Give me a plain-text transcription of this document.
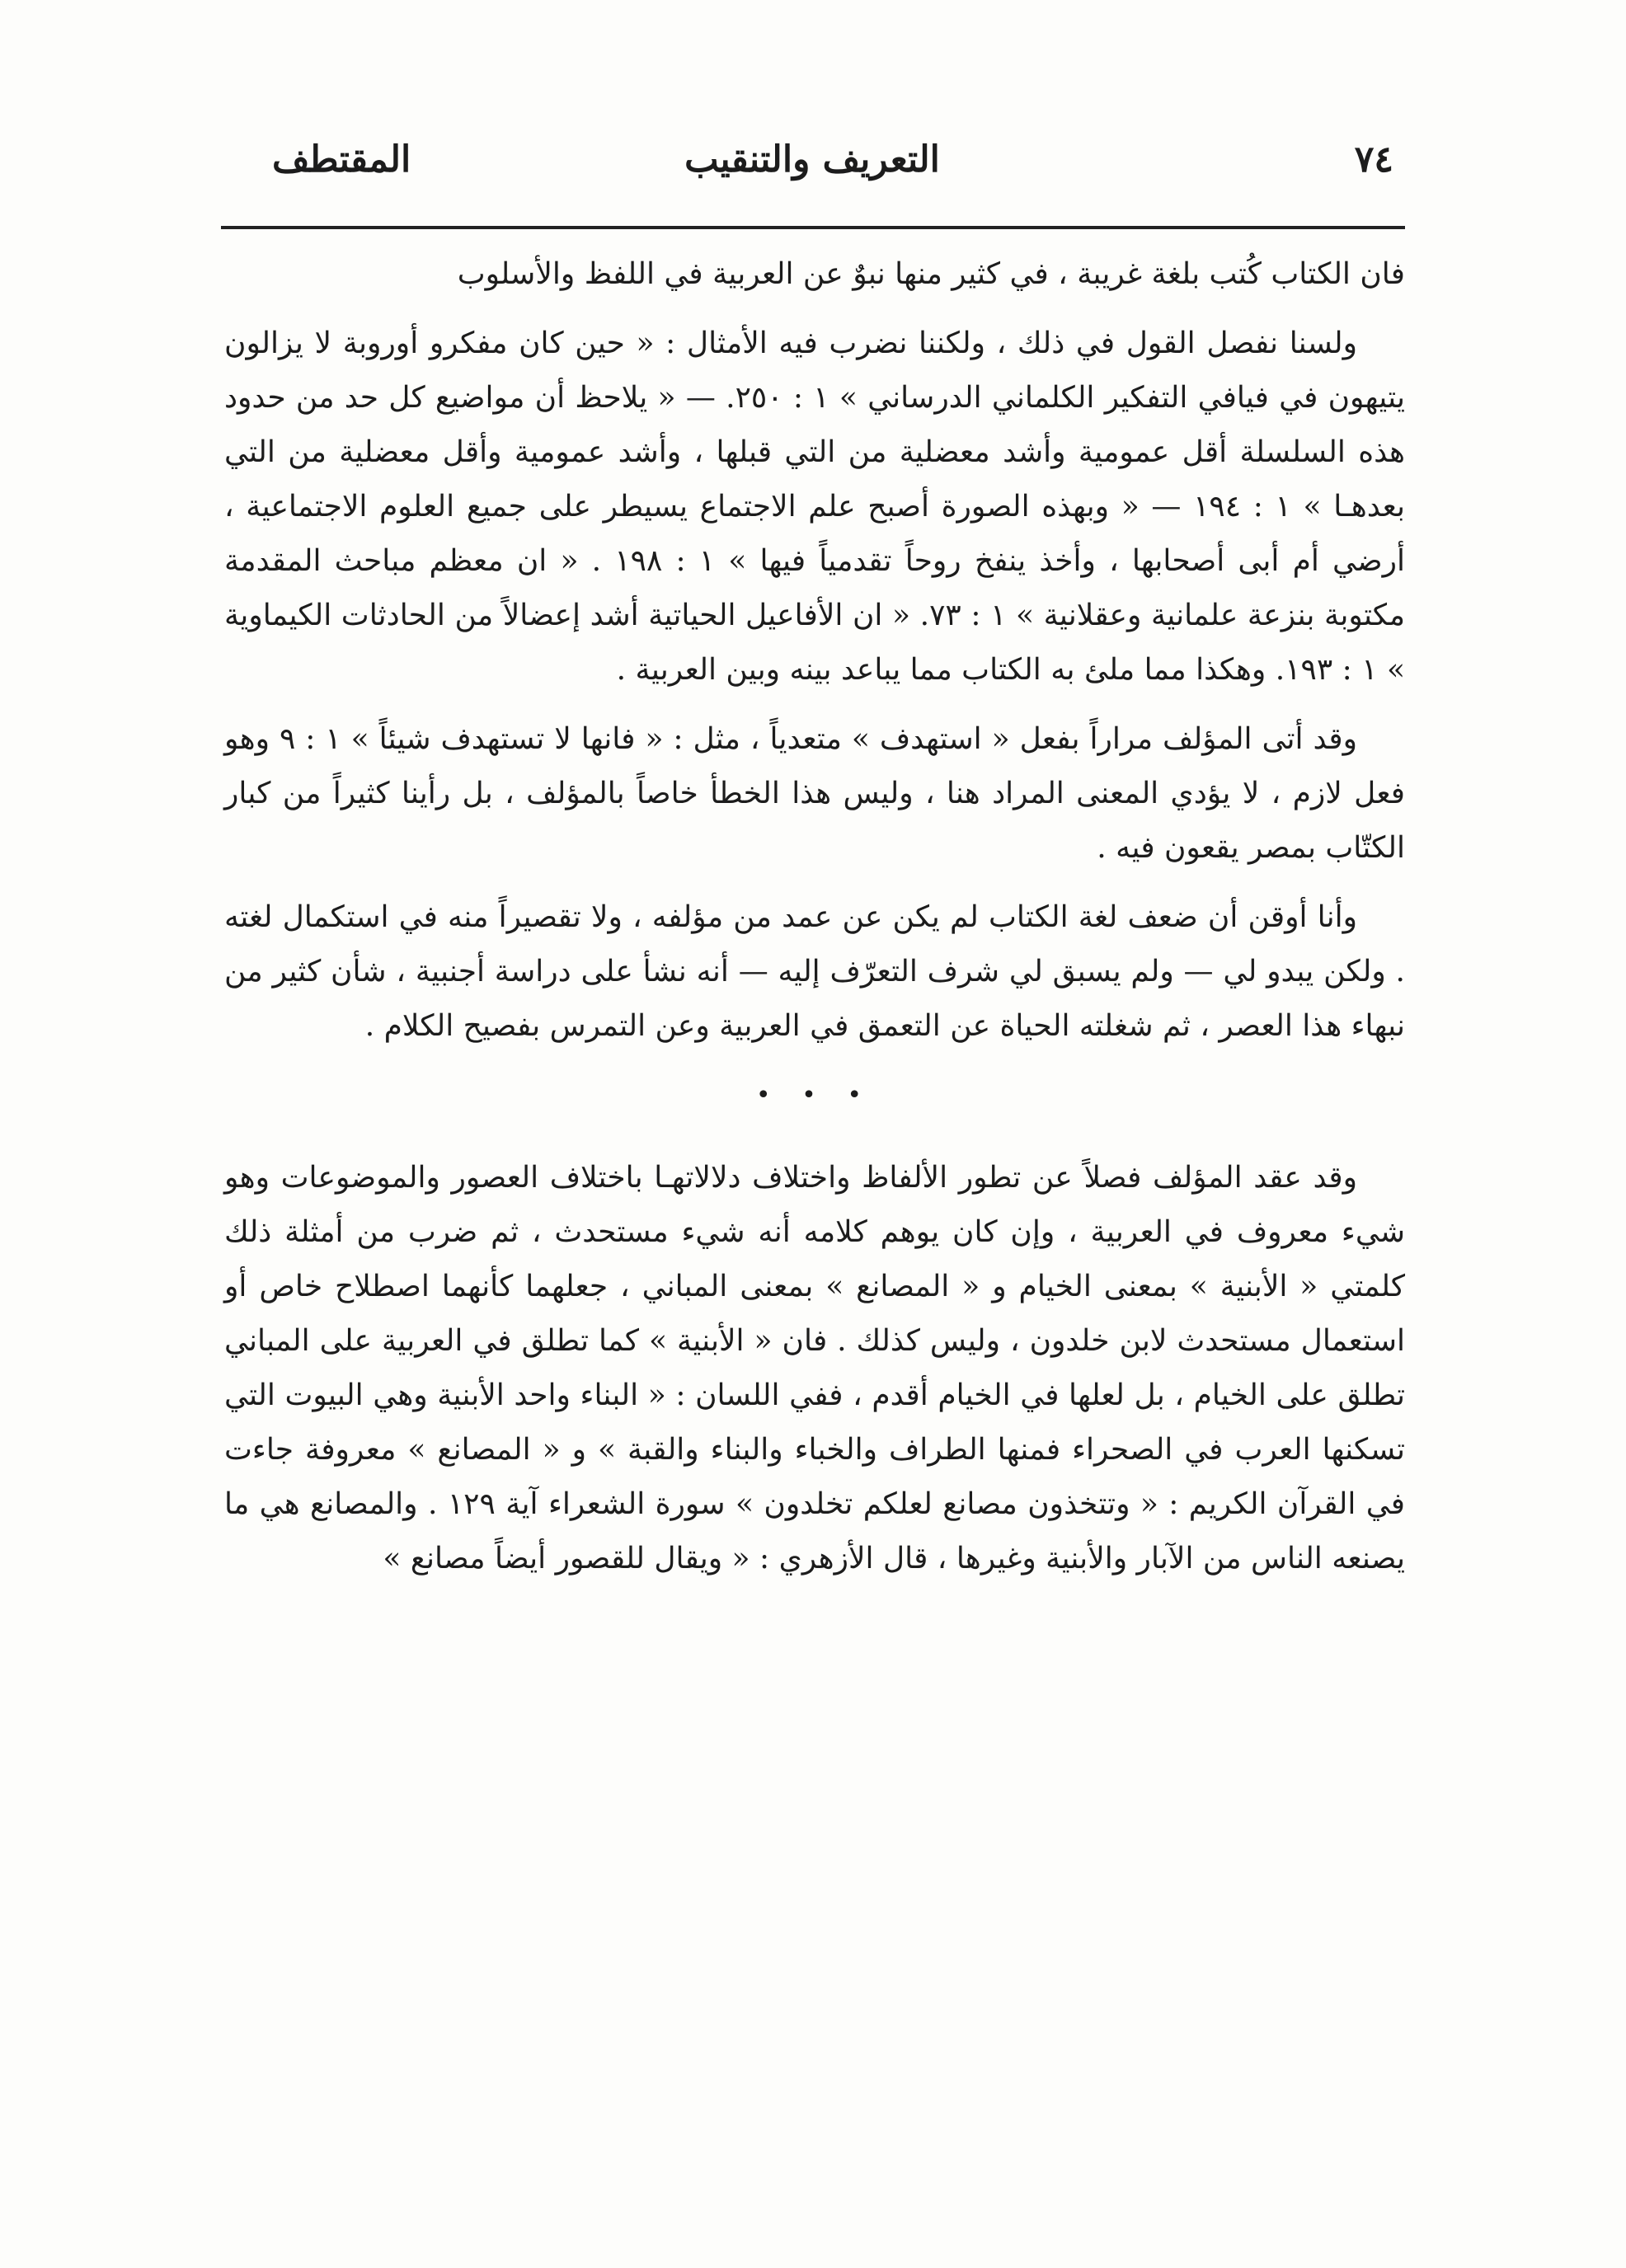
٧٤
التعريف والتنقيب
المقتطف

فان الكتاب كُتب بلغة غريبة ، في كثير منها نبوٌ عن العربية في اللفظ والأسلوب

ولسنا نفصل القول في ذلك ، ولكننا نضرب فيه الأمثال : « حين كان مفكرو أوروبة لا يزالون يتيهون في فيافي التفكير الكلماني الدرساني » ١ : ٢٥٠. — « يلاحظ أن مواضيع كل حد من حدود هذه السلسلة أقل عمومية وأشد معضلية من التي قبلها ، وأشد عمومية وأقل معضلية من التي بعدهـا » ١ : ١٩٤ — « وبهذه الصورة أصبح علم الاجتماع يسيطر على جميع العلوم الاجتماعية ، أرضي أم أبى أصحابها ، وأخذ ينفخ روحاً تقدمياً فيها » ١ : ١٩٨ . « ان معظم مباحث المقدمة مكتوبة بنزعة علمانية وعقلانية » ١ : ٧٣. « ان الأفاعيل الحياتية أشد إعضالاً من الحادثات الكيماوية » ١ : ١٩٣. وهكذا مما ملئ به الكتاب مما يباعد بينه وبين العربية .

وقد أتى المؤلف مراراً بفعل « استهدف » متعدياً ، مثل : « فانها لا تستهدف شيئاً » ١ : ٩ وهو فعل لازم ، لا يؤدي المعنى المراد هنا ، وليس هذا الخطأ خاصاً بالمؤلف ، بل رأينا كثيراً من كبار الكتّاب بمصر يقعون فيه .

وأنا أوقن أن ضعف لغة الكتاب لم يكن عن عمد من مؤلفه ، ولا تقصيراً منه في استكمال لغته . ولكن يبدو لي — ولم يسبق لي شرف التعرّف إليه — أنه نشأ على دراسة أجنبية ، شأن كثير من نبهاء هذا العصر ، ثم شغلته الحياة عن التعمق في العربية وعن التمرس بفصيح الكلام .

• • •

وقد عقد المؤلف فصلاً عن تطور الألفاظ واختلاف دلالاتهـا باختلاف العصور والموضوعات وهو شيء معروف في العربية ، وإن كان يوهم كلامه أنه شيء مستحدث ، ثم ضرب من أمثلة ذلك كلمتي « الأبنية » بمعنى الخيام و « المصانع » بمعنى المباني ، جعلهما كأنهما اصطلاح خاص أو استعمال مستحدث لابن خلدون ، وليس كذلك . فان « الأبنية » كما تطلق في العربية على المباني تطلق على الخيام ، بل لعلها في الخيام أقدم ، ففي اللسان : « البناء واحد الأبنية وهي البيوت التي تسكنها العرب في الصحراء فمنها الطراف والخباء والبناء والقبة » و « المصانع » معروفة جاءت في القرآن الكريم : « وتتخذون مصانع لعلكم تخلدون » سورة الشعراء آية ١٢٩ . والمصانع هي ما يصنعه الناس من الآبار والأبنية وغيرها ، قال الأزهري : « ويقال للقصور أيضاً مصانع »
